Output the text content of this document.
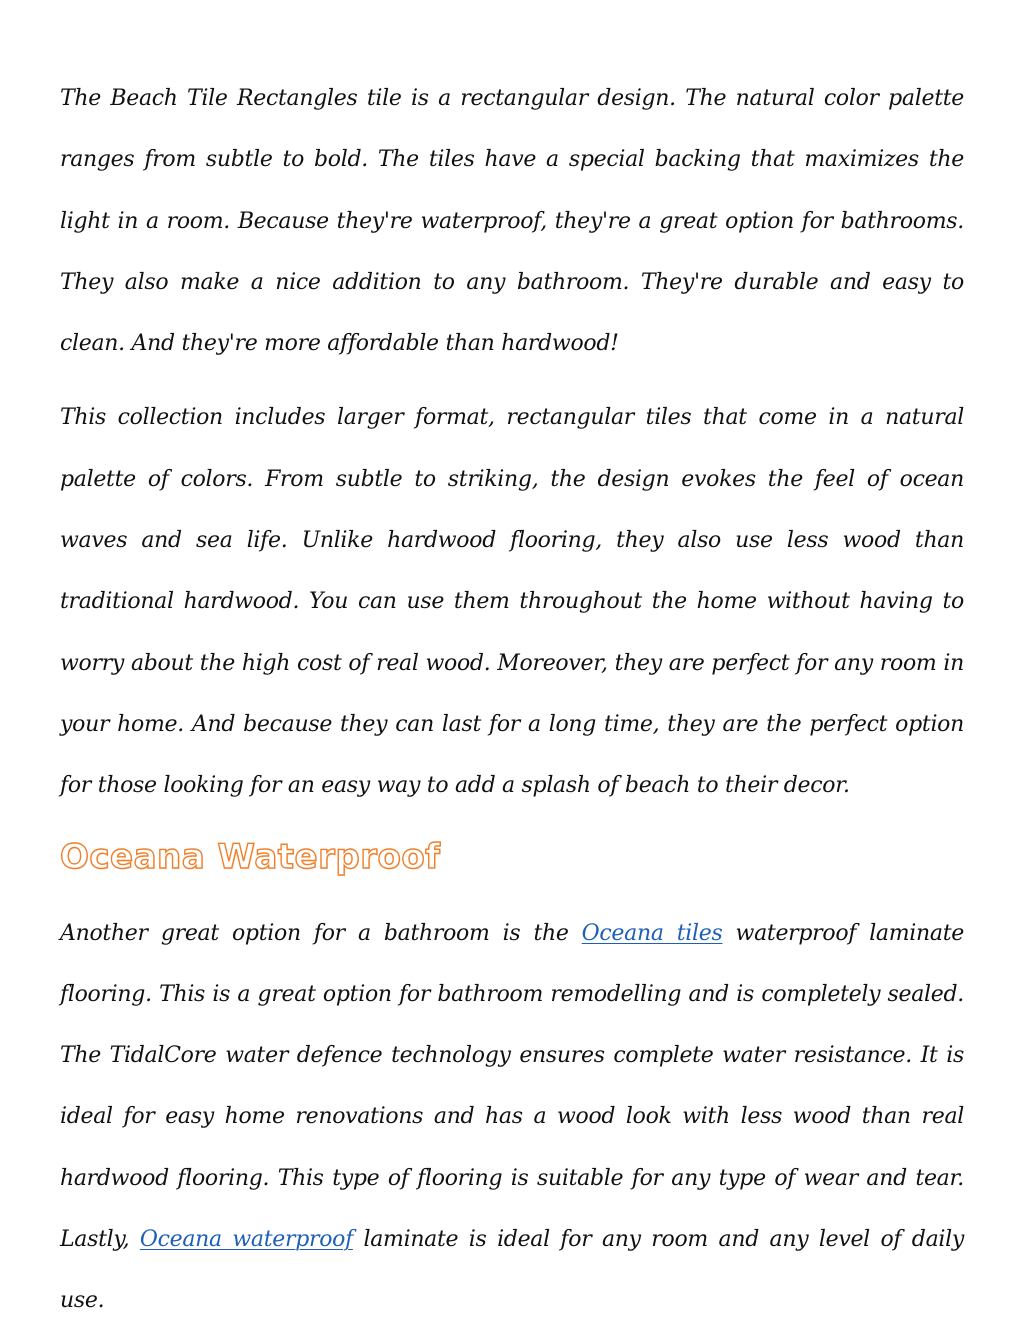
The Beach Tile Rectangles tile is a rectangular design. The natural color palette ranges from subtle to bold. The tiles have a special backing that maximizes the light in a room. Because they're waterproof, they're a great option for bathrooms. They also make a nice addition to any bathroom. They're durable and easy to clean. And they're more affordable than hardwood!

This collection includes larger format, rectangular tiles that come in a natural palette of colors. From subtle to striking, the design evokes the feel of ocean waves and sea life. Unlike hardwood flooring, they also use less wood than traditional hardwood. You can use them throughout the home without having to worry about the high cost of real wood. Moreover, they are perfect for any room in your home. And because they can last for a long time, they are the perfect option for those looking for an easy way to add a splash of beach to their decor.

Oceana Waterproof

Another great option for a bathroom is the Oceana tiles waterproof laminate flooring. This is a great option for bathroom remodelling and is completely sealed. The TidalCore water defence technology ensures complete water resistance. It is ideal for easy home renovations and has a wood look with less wood than real hardwood flooring. This type of flooring is suitable for any type of wear and tear. Lastly, Oceana waterproof laminate is ideal for any room and any level of daily use.
